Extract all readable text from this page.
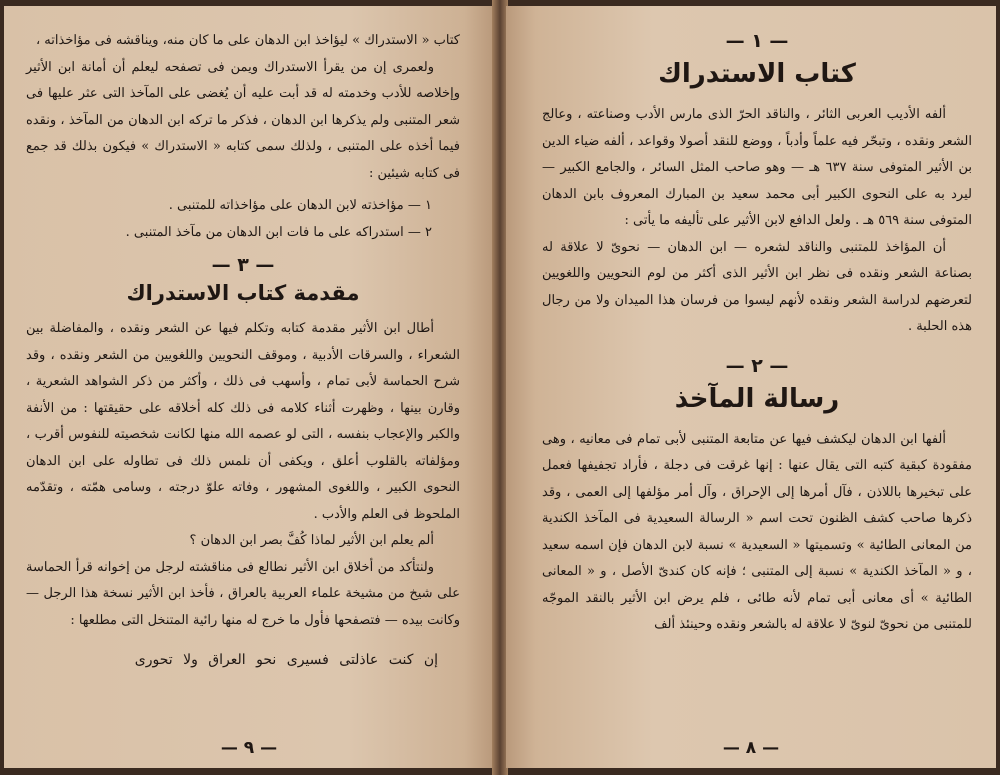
كتاب « الاستدراك » ليؤاخذ ابن الدهان على ما كان منه، ويناقشه فى مؤاخذاته ،

ولعمرى إن من يقرأ الاستدراك ويمن فى تصفحه ليعلم أن أمانة ابن الأثير وإخلاصه للأدب وخدمته له قد أبت عليه أن يُغضى على المآخذ التى عثر عليها فى شعر المتنبى ولم يذكرها ابن الدهان ، فذكر ما تركه ابن الدهان من المآخذ ، ونقده فيما أخذه على المتنبى ، ولذلك سمى كتابه « الاستدراك » فيكون بذلك قد جمع فى كتابه شيئين :

١ — مؤاخذته لابن الدهان على مؤاخذاته للمتنبى .

٢ — استدراكه على ما فات ابن الدهان من مآخذ المتنبى .

— ٣ —
مقدمة كتاب الاستدراك

أطال ابن الأثير مقدمة كتابه وتكلم فيها عن الشعر ونقده ، والمفاضلة بين الشعراء ، والسرقات الأدبية ، وموقف النحويين واللغويين من الشعر ونقده ، وقد شرح الحماسة لأبى تمام ، وأسهب فى ذلك ، وأكثر من ذكر الشواهد الشعرية ، وقارن بينها ، وظهرت أثناء كلامه فى ذلك كله أخلاقه على حقيقتها : من الأنفة والكبر والإعجاب بنفسه ، التى لو عصمه الله منها لكانت شخصيته للنفوس أقرب ، ومؤلفاته بالقلوب أعلق ، ويكفى أن نلمس ذلك فى تطاوله على ابن الدهان النحوى الكبير ، واللغوى المشهور ، وفاته علوّ درجته ، وسامى همّته ، وتقدّمه الملحوظ فى العلم والأدب .

ألم يعلم ابن الأثير لماذا كُفَّ بصر ابن الدهان ؟

ولنتأكد من أخلاق ابن الأثير نطالع فى مناقشته لرجل من إخوانه قرأ الحماسة على شيخ من مشيخة علماء العربية بالعراق ، فأخذ ابن الأثير نسخة هذا الرجل — وكانت بيده — فتصفحها فأول ما خرج له منها رائية المتنخل التى مطلعها :

إن كنت عاذلتى فسيرى نحو العراق ولا تحورى

— ٩ —
— ١ —
كتاب الاستدراك

ألفه الأديب العربى الثائر ، والناقد الحرّ الذى مارس الأدب وصناعته ، وعالج الشعر ونقده ، وتبحّر فيه علماً وأدباً ، ووضع للنقد أصولا وقواعد ، ألفه ضياء الدين بن الأثير المتوفى سنة ٦٣٧ هـ — وهو صاحب المثل السائر ، والجامع الكبير — ليرد به على النحوى الكبير أبى محمد سعيد بن المبارك المعروف بابن الدهان المتوفى سنة ٥٦٩ هـ . ولعل الدافع لابن الأثير على تأليفه ما يأتى :

أن المؤاخذ للمتنبى والناقد لشعره — ابن الدهان — نحوىّ لا علاقة له بصناعة الشعر ونقده فى نظر ابن الأثير الذى أكثر من لوم النحويين واللغويين لتعرضهم لدراسة الشعر ونقده لأنهم ليسوا من فرسان هذا الميدان ولا من رجال هذه الحلبة .

— ٢ —
رسالة المآخذ

ألفها ابن الدهان ليكشف فيها عن متابعة المتنبى لأبى تمام فى معانيه ، وهى مفقودة كبقية كتبه التى يقال عنها : إنها غرقت فى دجلة ، فأراد تجفيفها فعمل على تبخيرها باللاذن ، فآل أمرها إلى الإحراق ، وآل أمر مؤلفها إلى العمى ، وقد ذكرها صاحب كشف الظنون تحت اسم « الرسالة السعيدية فى المآخذ الكندية من المعانى الطائية » وتسميتها « السعيدية » نسبة لابن الدهان فإن اسمه سعيد ، و « المآخذ الكندية » نسبة إلى المتنبى ؛ فإنه كان كندىّ الأصل ، و « المعانى الطائية » أى معانى أبى تمام لأنه طائى ، فلم يرض ابن الأثير بالنقد الموجّه للمتنبى من نحوىّ لنوىّ لا علاقة له بالشعر ونقده وحينئذ ألف

— ٨ —
